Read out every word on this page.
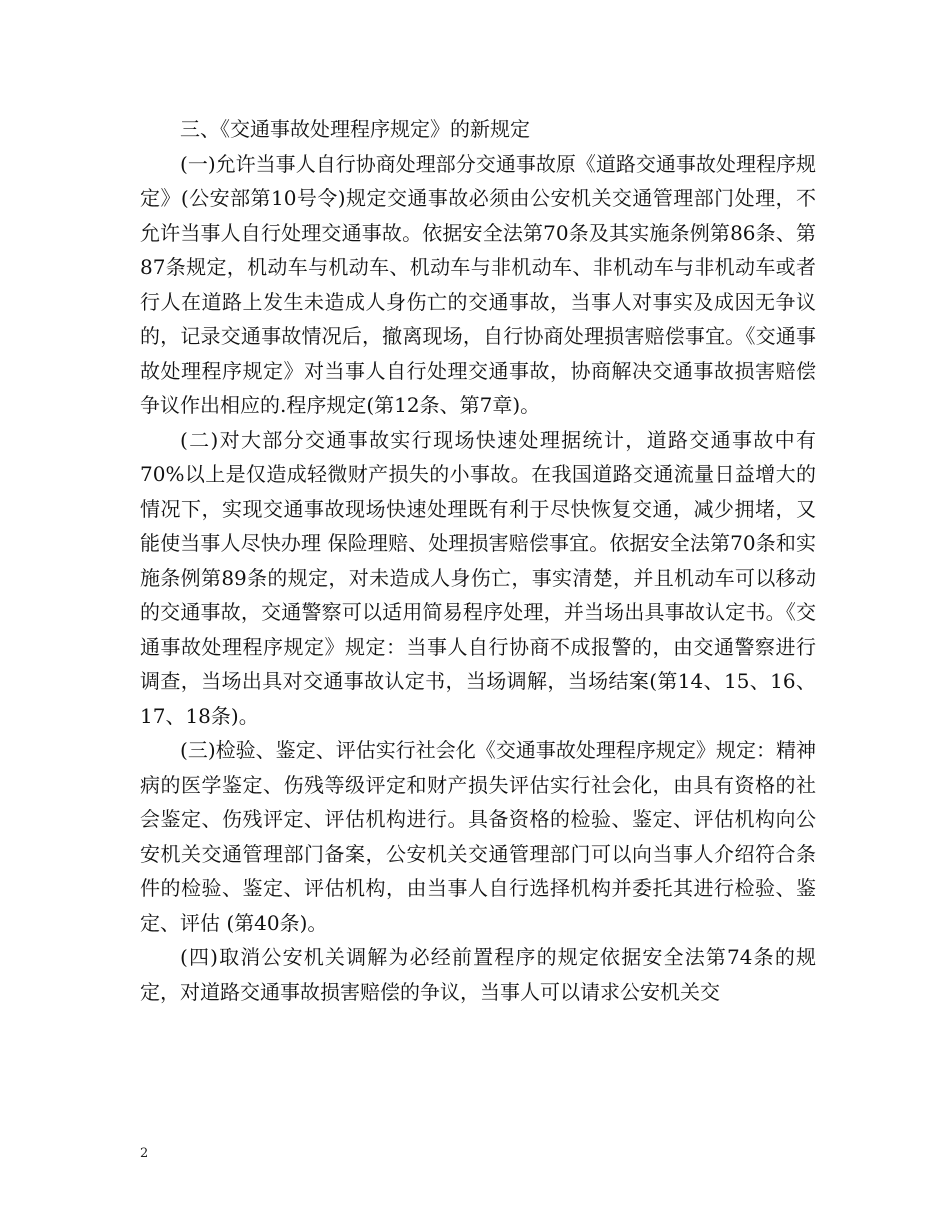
三、《交通事故处理程序规定》的新规定

(一)允许当事人自行协商处理部分交通事故原《道路交通事故处理程序规定》(公安部第10号令)规定交通事故必须由公安机关交通管理部门处理，不允许当事人自行处理交通事故。依据安全法第70条及其实施条例第86条、第87条规定，机动车与机动车、机动车与非机动车、非机动车与非机动车或者行人在道路上发生未造成人身伤亡的交通事故，当事人对事实及成因无争议的，记录交通事故情况后，撤离现场，自行协商处理损害赔偿事宜。《交通事故处理程序规定》对当事人自行处理交通事故，协商解决交通事故损害赔偿争议作出相应的.程序规定(第12条、第7章)。

(二)对大部分交通事故实行现场快速处理据统计，道路交通事故中有70%以上是仅造成轻微财产损失的小事故。在我国道路交通流量日益增大的情况下，实现交通事故现场快速处理既有利于尽快恢复交通，减少拥堵，又能使当事人尽快办理 保险理赔、处理损害赔偿事宜。依据安全法第70条和实施条例第89条的规定，对未造成人身伤亡，事实清楚，并且机动车可以移动的交通事故，交通警察可以适用简易程序处理，并当场出具事故认定书。《交通事故处理程序规定》规定：当事人自行协商不成报警的，由交通警察进行调查，当场出具对交通事故认定书，当场调解，当场结案(第14、15、16、17、18条)。

(三)检验、鉴定、评估实行社会化《交通事故处理程序规定》规定：精神病的医学鉴定、伤残等级评定和财产损失评估实行社会化，由具有资格的社会鉴定、伤残评定、评估机构进行。具备资格的检验、鉴定、评估机构向公安机关交通管理部门备案，公安机关交通管理部门可以向当事人介绍符合条件的检验、鉴定、评估机构，由当事人自行选择机构并委托其进行检验、鉴定、评估 (第40条)。

(四)取消公安机关调解为必经前置程序的规定依据安全法第74条的规定，对道路交通事故损害赔偿的争议，当事人可以请求公安机关交

2
